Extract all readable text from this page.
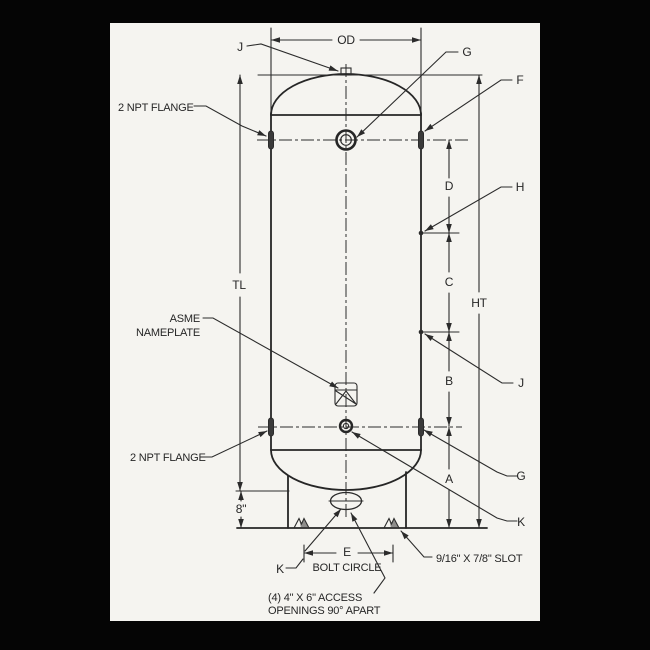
OD
J	G
F
2 NPT FLANGE
H
D
TL	C
HT
ASME
NAMEPLATE
B	J
2 NPT FLANGE
A	G
8"
K
9/16" X 7/8" SLOT
E
K	BOLT CIRCLE
(4) 4" X 6" ACCESS
OPENINGS 90° APART
